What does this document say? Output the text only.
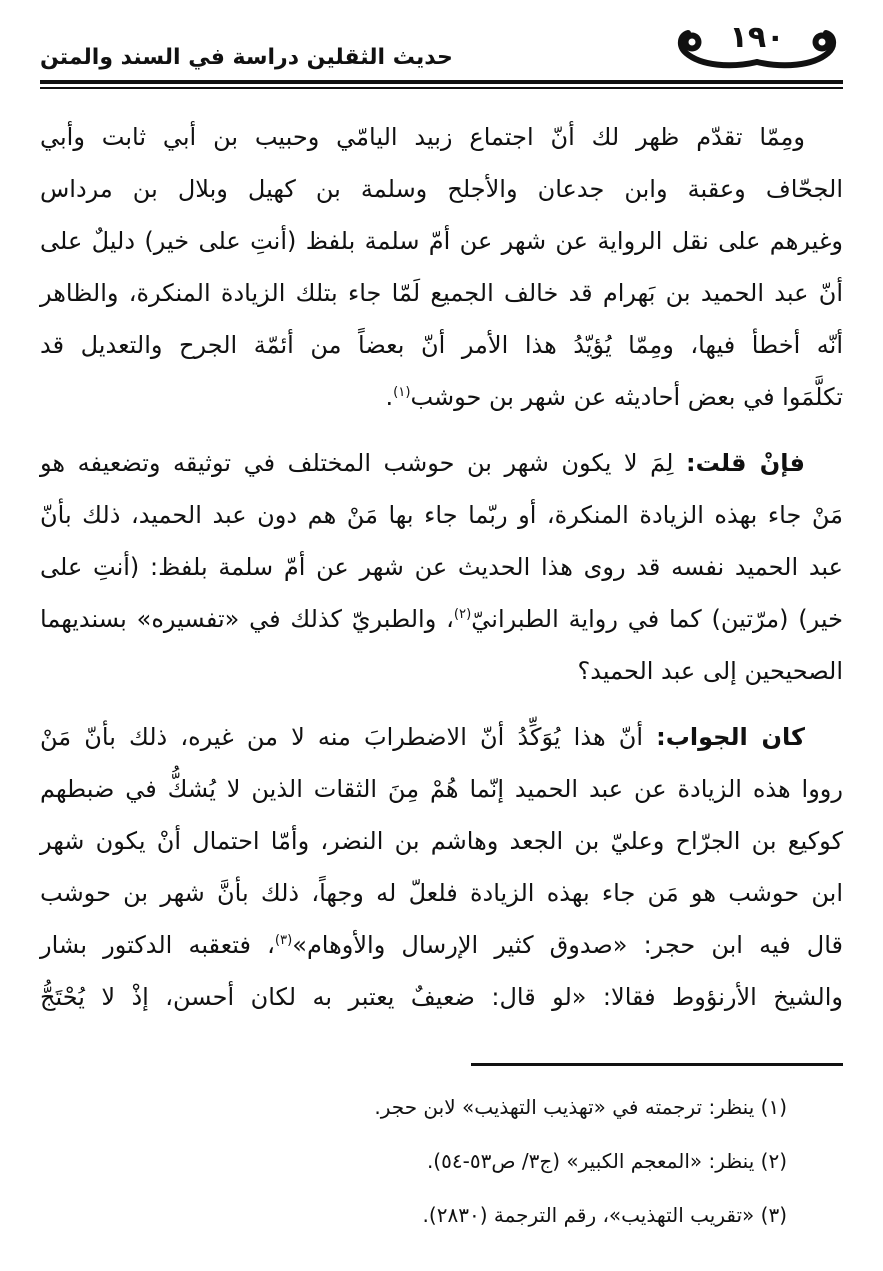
١٩٠
حديث الثقلين دراسة في السند والمتن
ومِمّا تقدّم ظهر لك أنّ اجتماع زبيد اليامّي وحبيب بن أبي ثابت وأبي
الجحّاف وعقبة وابن جدعان والأجلح وسلمة بن كهيل وبلال بن مرداس
وغيرهم على نقل الرواية عن شهر عن أمّ سلمة بلفظ (أنتِ على خير) دليلٌ على
أنّ عبد الحميد بن بَهرام قد خالف الجميع لَمّا جاء بتلك الزيادة المنكرة، والظاهر
أنّه أخطأ فيها، ومِمّا يُؤيّدُ هذا الأمر أنّ بعضاً من أئمّة الجرح والتعديل قد
تكلَّمَوا في بعض أحاديثه عن شهر بن حوشب$^{(١)}$.
فإنْ قلت: لِمَ لا يكون شهر بن حوشب المختلف في توثيقه وتضعيفه هو
مَنْ جاء بهذه الزيادة المنكرة، أو ربّما جاء بها مَنْ هم دون عبد الحميد، ذلك بأنّ
عبد الحميد نفسه قد روى هذا الحديث عن شهر عن أمّ سلمة بلفظ: (أنتِ على
خير) (مرّتين) كما في رواية الطبرانيّ$^{(٢)}$، والطبريّ كذلك في «تفسيره» بسنديهما
الصحيحين إلى عبد الحميد؟
كان الجواب: أنّ هذا يُوَكِّدُ أنّ الاضطرابَ منه لا من غيره، ذلك بأنّ مَنْ
رووا هذه الزيادة عن عبد الحميد إنّما هُمْ مِنَ الثقات الذين لا يُشكُّ في ضبطهم
كوكيع بن الجرّاح وعليّ بن الجعد وهاشم بن النضر، وأمّا احتمال أنْ يكون شهر
ابن حوشب هو مَن جاء بهذه الزيادة فلعلّ له وجهاً، ذلك بأنَّ شهر بن حوشب
قال فيه ابن حجر: «صدوق كثير الإرسال والأوهام»$^{(٣)}$، فتعقبه الدكتور بشار
والشيخ الأرنؤوط فقالا: «لو قال: ضعيفٌ يعتبر به لكان أحسن، إذْ لا يُحْتَجُّ
(١) ينظر: ترجمته في «تهذيب التهذيب» لابن حجر.
(٢) ينظر: «المعجم الكبير» (ج٣/ ص٥٣-٥٤).
(٣) «تقريب التهذيب»، رقم الترجمة (٢٨٣٠).
